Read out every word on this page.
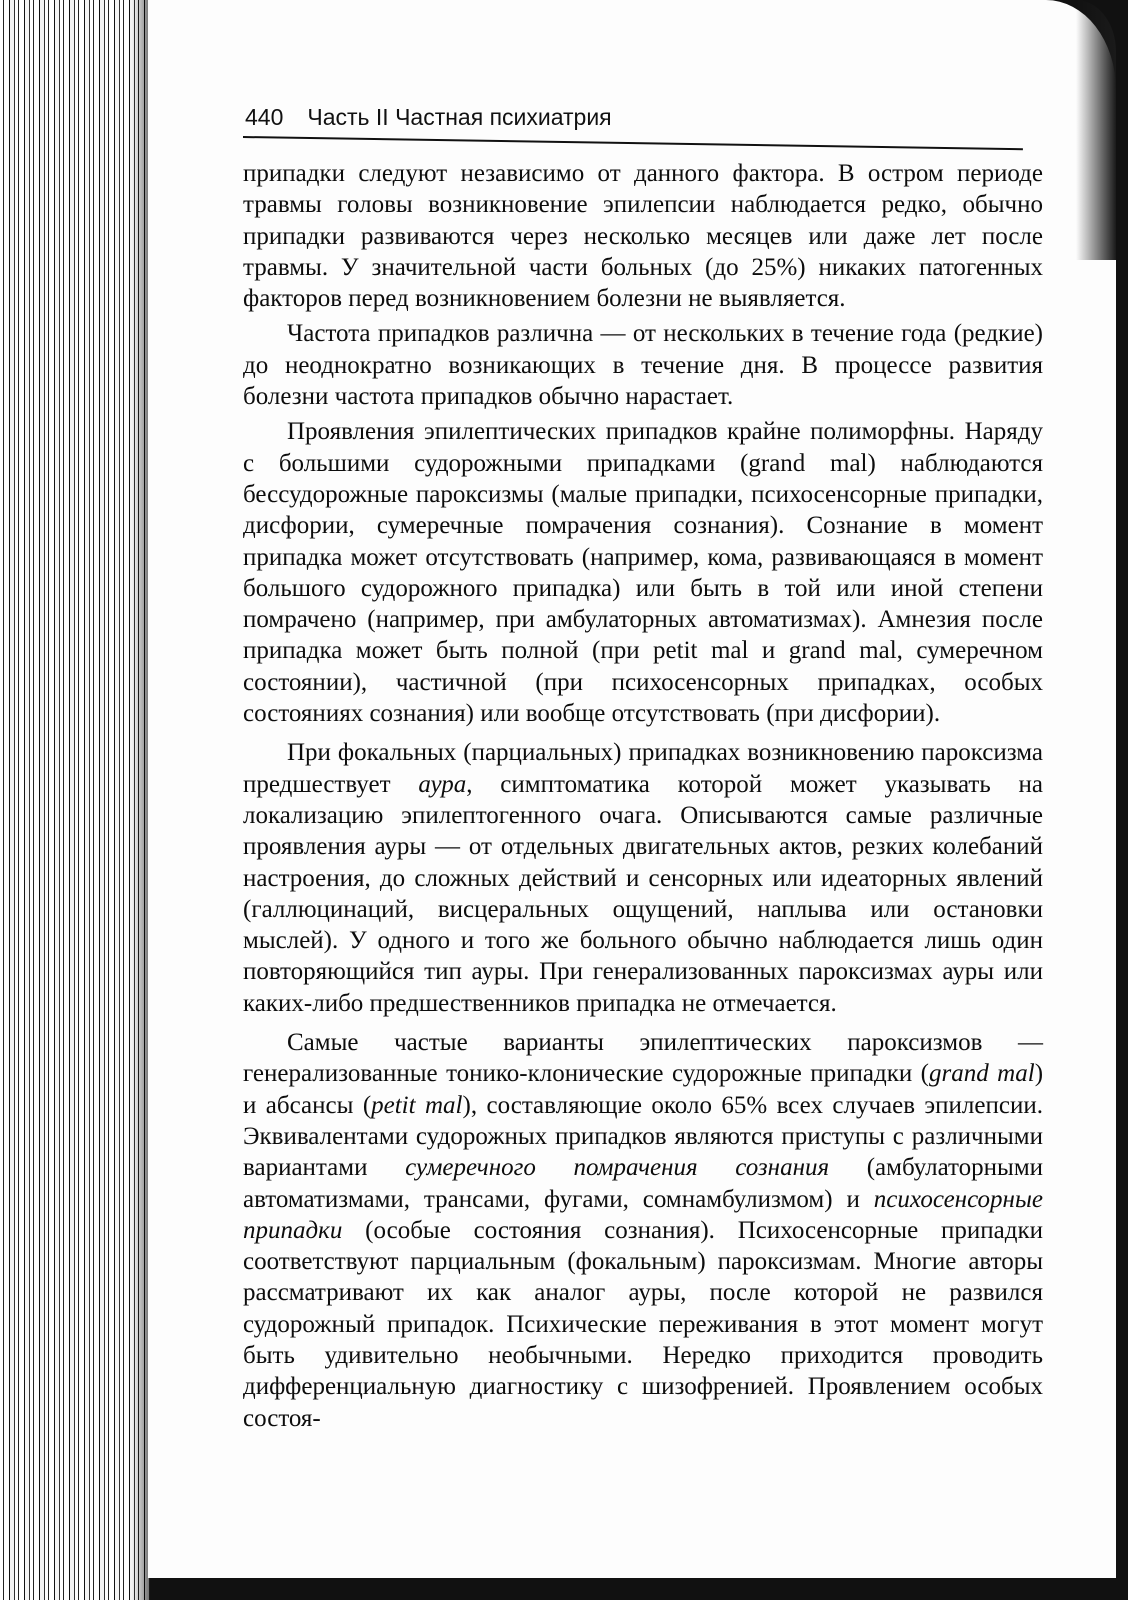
440 Часть II Частная психиатрия

припадки следуют независимо от данного фактора. В остром периоде травмы головы возникновение эпилепсии наблюдается редко, обычно припадки развиваются через несколько месяцев или даже лет после травмы. У значительной части больных (до 25%) никаких патогенных факторов перед возникновением болезни не выявляется.

Частота припадков различна — от нескольких в течение года (редкие) до неоднократно возникающих в течение дня. В процессе развития болезни частота припадков обычно нарастает.

Проявления эпилептических припадков крайне полиморфны. Наряду с большими судорожными припадками (grand mal) наблюдаются бессудорожные пароксизмы (малые припадки, психосенсорные припадки, дисфории, сумеречные помрачения сознания). Сознание в момент припадка может отсутствовать (например, кома, развивающаяся в момент большого судорожного припадка) или быть в той или иной степени помрачено (например, при амбулаторных автоматизмах). Амнезия после припадка может быть полной (при petit mal и grand mal, сумеречном состоянии), частичной (при психосенсорных припадках, особых состояниях сознания) или вообще отсутствовать (при дисфории).

При фокальных (парциальных) припадках возникновению пароксизма предшествует аура, симптоматика которой может указывать на локализацию эпилептогенного очага. Описываются самые различные проявления ауры — от отдельных двигательных актов, резких колебаний настроения, до сложных действий и сенсорных или идеаторных явлений (галлюцинаций, висцеральных ощущений, наплыва или остановки мыслей). У одного и того же больного обычно наблюдается лишь один повторяющийся тип ауры. При генерализованных пароксизмах ауры или каких-либо предшественников припадка не отмечается.

Самые частые варианты эпилептических пароксизмов — генерализованные тонико-клонические судорожные припадки (grand mal) и абсансы (petit mal), составляющие около 65% всех случаев эпилепсии. Эквивалентами судорожных припадков являются приступы с различными вариантами сумеречного помрачения сознания (амбулаторными автоматизмами, трансами, фугами, сомнамбулизмом) и психосенсорные припадки (особые состояния сознания). Психосенсорные припадки соответствуют парциальным (фокальным) пароксизмам. Многие авторы рассматривают их как аналог ауры, после которой не развился судорожный припадок. Психические переживания в этот момент могут быть удивительно необычными. Нередко приходится проводить дифференциальную диагностику с шизофренией. Проявлением особых состоя-
